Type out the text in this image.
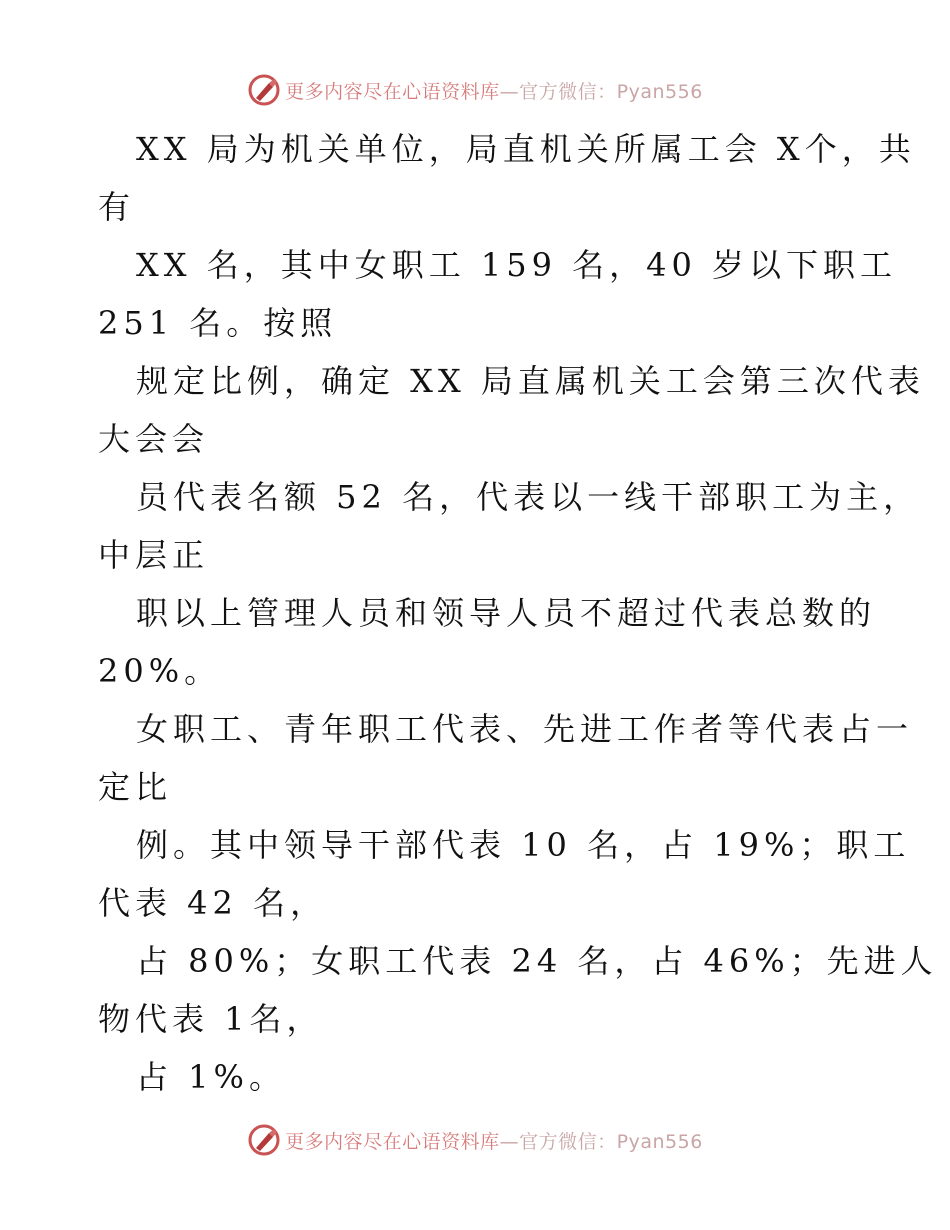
更多内容尽在心语资料库—官方微信：Pyan556
XX 局为机关单位，局直机关所属工会 X个，共
有
XX 名，其中女职工 159 名，40 岁以下职工
251 名。按照
规定比例，确定 XX 局直属机关工会第三次代表
大会会
员代表名额 52 名，代表以一线干部职工为主，
中层正
职以上管理人员和领导人员不超过代表总数的
20%。
女职工、青年职工代表、先进工作者等代表占一
定比
例。其中领导干部代表 10 名，占 19%；职工
代表 42 名，
占 80%；女职工代表 24 名，占 46%；先进人
物代表 1名，
占 1%。
更多内容尽在心语资料库—官方微信：Pyan556
